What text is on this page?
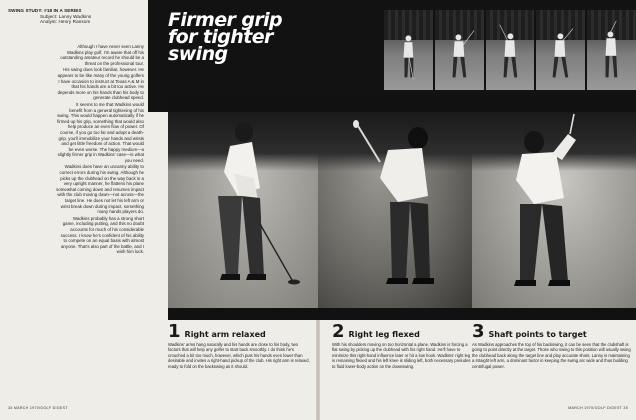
SWING STUDY: #18 IN A SERIES
Subject: Lanny Wadkins
Analyst: Henry Ransom

Although I have never seen Lanny Wadkins play golf, I'm aware that off his outstanding amateur record he should be a threat on the professional tour.

His swing does look familiar, however. He appears to be like many of the young golfers I have occasion to instruct at Texas A & M in that his hands are a bit too active. He depends more on his hands than his body to generate clubhead speed.

It seems to me that Wadkins would benefit from a general tightening of his swing. This would happen automatically if he firmed up his grip, something that would also help produce an even flow of power. Of course, if you go too far and adopt a death-grip, you'll immobilize your hands and wrists and get little freedom of action. That would be even worse. The happy medium—a slightly firmer grip in Wadkins' case—is what you need.

Wadkins does have an uncanny ability to correct errors during his swing. Although he picks up the clubhead on the way back in a very upright manner, he flattens his plane somewhat coming down and resumes impact with the club moving down—not across—the target line. He does not let his left arm or wrist break down during impact, something many hands players do.

Wadkins probably has a strong short game, including putting, and this no doubt accounts for much of his considerable success. I know he's confident of his ability to compete on an equal basis with almost anyone. That's also part of the battle, and I wish him luck.

Firmer grip
for tighter
swing
1 Right arm relaxed

Wadkins' arms hang naturally and his hands are close to his body, two factors that will help any golfer to start back smoothly. I do think he's crouched a bit too much, however, which puts his hands even lower than desirable and invites a right-hand pickup of the club. His right arm is relaxed, ready to fold on the backswing as it should.

2 Right leg flexed

With his shoulders moving on too horizontal a plane, Wadkins is forcing a flat swing by picking up the clubhead with his right hand. He'll have to minimize this right-hand influence later or hit a low hook. Wadkins' right leg is remaining flexed and his left knee is sliding left, both necessary preludes to fluid lower-body action on the downswing.

3 Shaft points to target

As Wadkins approaches the top of his backswing, it can be seen that the clubshaft is going to point directly at the target. Those who swing to this position will usually swing the clubhead back along the target line and play accurate shots. Lanny is maintaining a straight left arm, a dominant factor in keeping the swing arc wide and thus building centrifugal power.

34 MARCH 1970/GOLF DIGEST	MARCH 1970/GOLF DIGEST 35
